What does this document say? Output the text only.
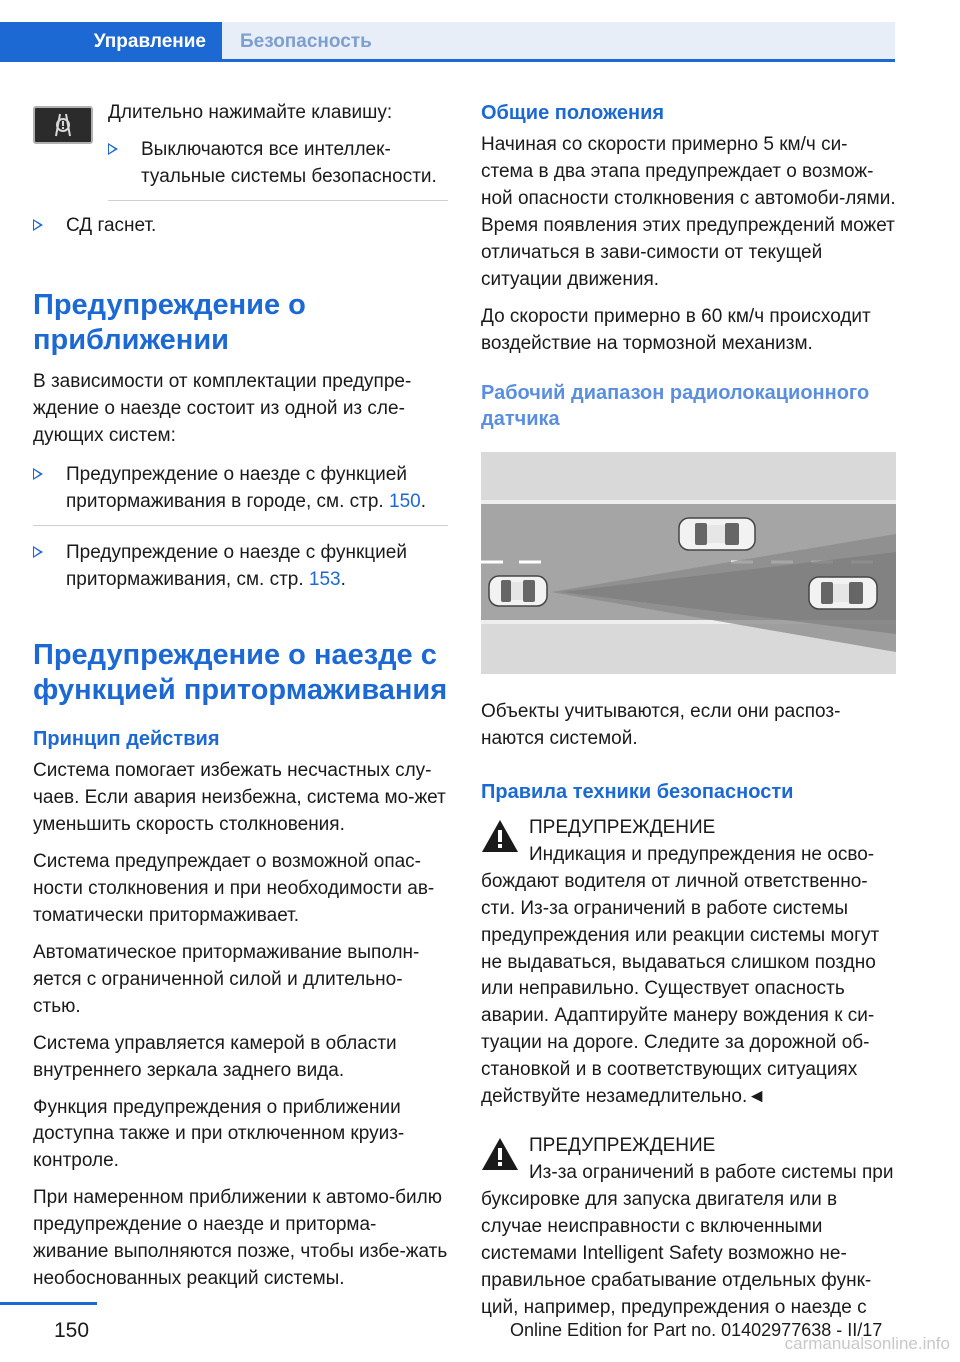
Управление	Безопасность

Длительно нажимайте клавишу:

Выключаются все интеллек-туальные системы безопасности.
СД гаснет.
Предупреждение о приближении

В зависимости от комплектации предупре-ждение о наезде состоит из одной из сле-дующих систем:

Предупреждение о наезде с функцией притормаживания в городе, см. стр. 150.
Предупреждение о наезде с функцией притормаживания, см. стр. 153.
Предупреждение о наезде с функцией притормаживания
Принцип действия

Система помогает избежать несчастных слу-чаев. Если авария неизбежна, система мо-жет уменьшить скорость столкновения.

Система предупреждает о возможной опас-ности столкновения и при необходимости ав-томатически притормаживает.

Автоматическое притормаживание выполн-яется с ограниченной силой и длительно-стью.

Система управляется камерой в области внутреннего зеркала заднего вида.

Функция предупреждения о приближении доступна также и при отключенном круиз-контроле.

При намеренном приближении к автомо-билю предупреждение о наезде и притормa-живание выполняются позже, чтобы избе-жать необоснованных реакций системы.

Общие положения

Начиная со скорости примерно 5 км/ч си-стема в два этапа предупреждает о возмож-ной опасности столкновения с автомоби-лями. Время появления этих предупреждений может отличаться в зави-симости от текущей ситуации движения.

До скорости примерно в 60 км/ч происходит воздействие на тормозной механизм.

Рабочий диапазон радиолокационного датчика

Объекты учитываются, если они распоз-наются системой.

Правила техники безопасности
ПРЕДУПРЕЖДЕНИЕ
Индикация и предупреждения не осво-бождают водителя от личной ответственно-сти. Из-за ограничений в работе системы предупреждения или реакции системы могут не выдаваться, выдаваться слишком поздно или неправильно. Существует опасность аварии. Адаптируйте манеру вождения к си-туации на дороге. Следите за дорожной об-становкой и в соответствующих ситуациях действуйте незамедлительно.◄
ПРЕДУПРЕЖДЕНИЕ
Из-за ограничений в работе системы при буксировке для запуска двигателя или в случае неисправности с включенными системами Intelligent Safety возможно не-правильное срабатывание отдельных функ-ций, например, предупреждения о наезде с
150	Online Edition for Part no. 01402977638 - II/17
carmanualsonline.info
